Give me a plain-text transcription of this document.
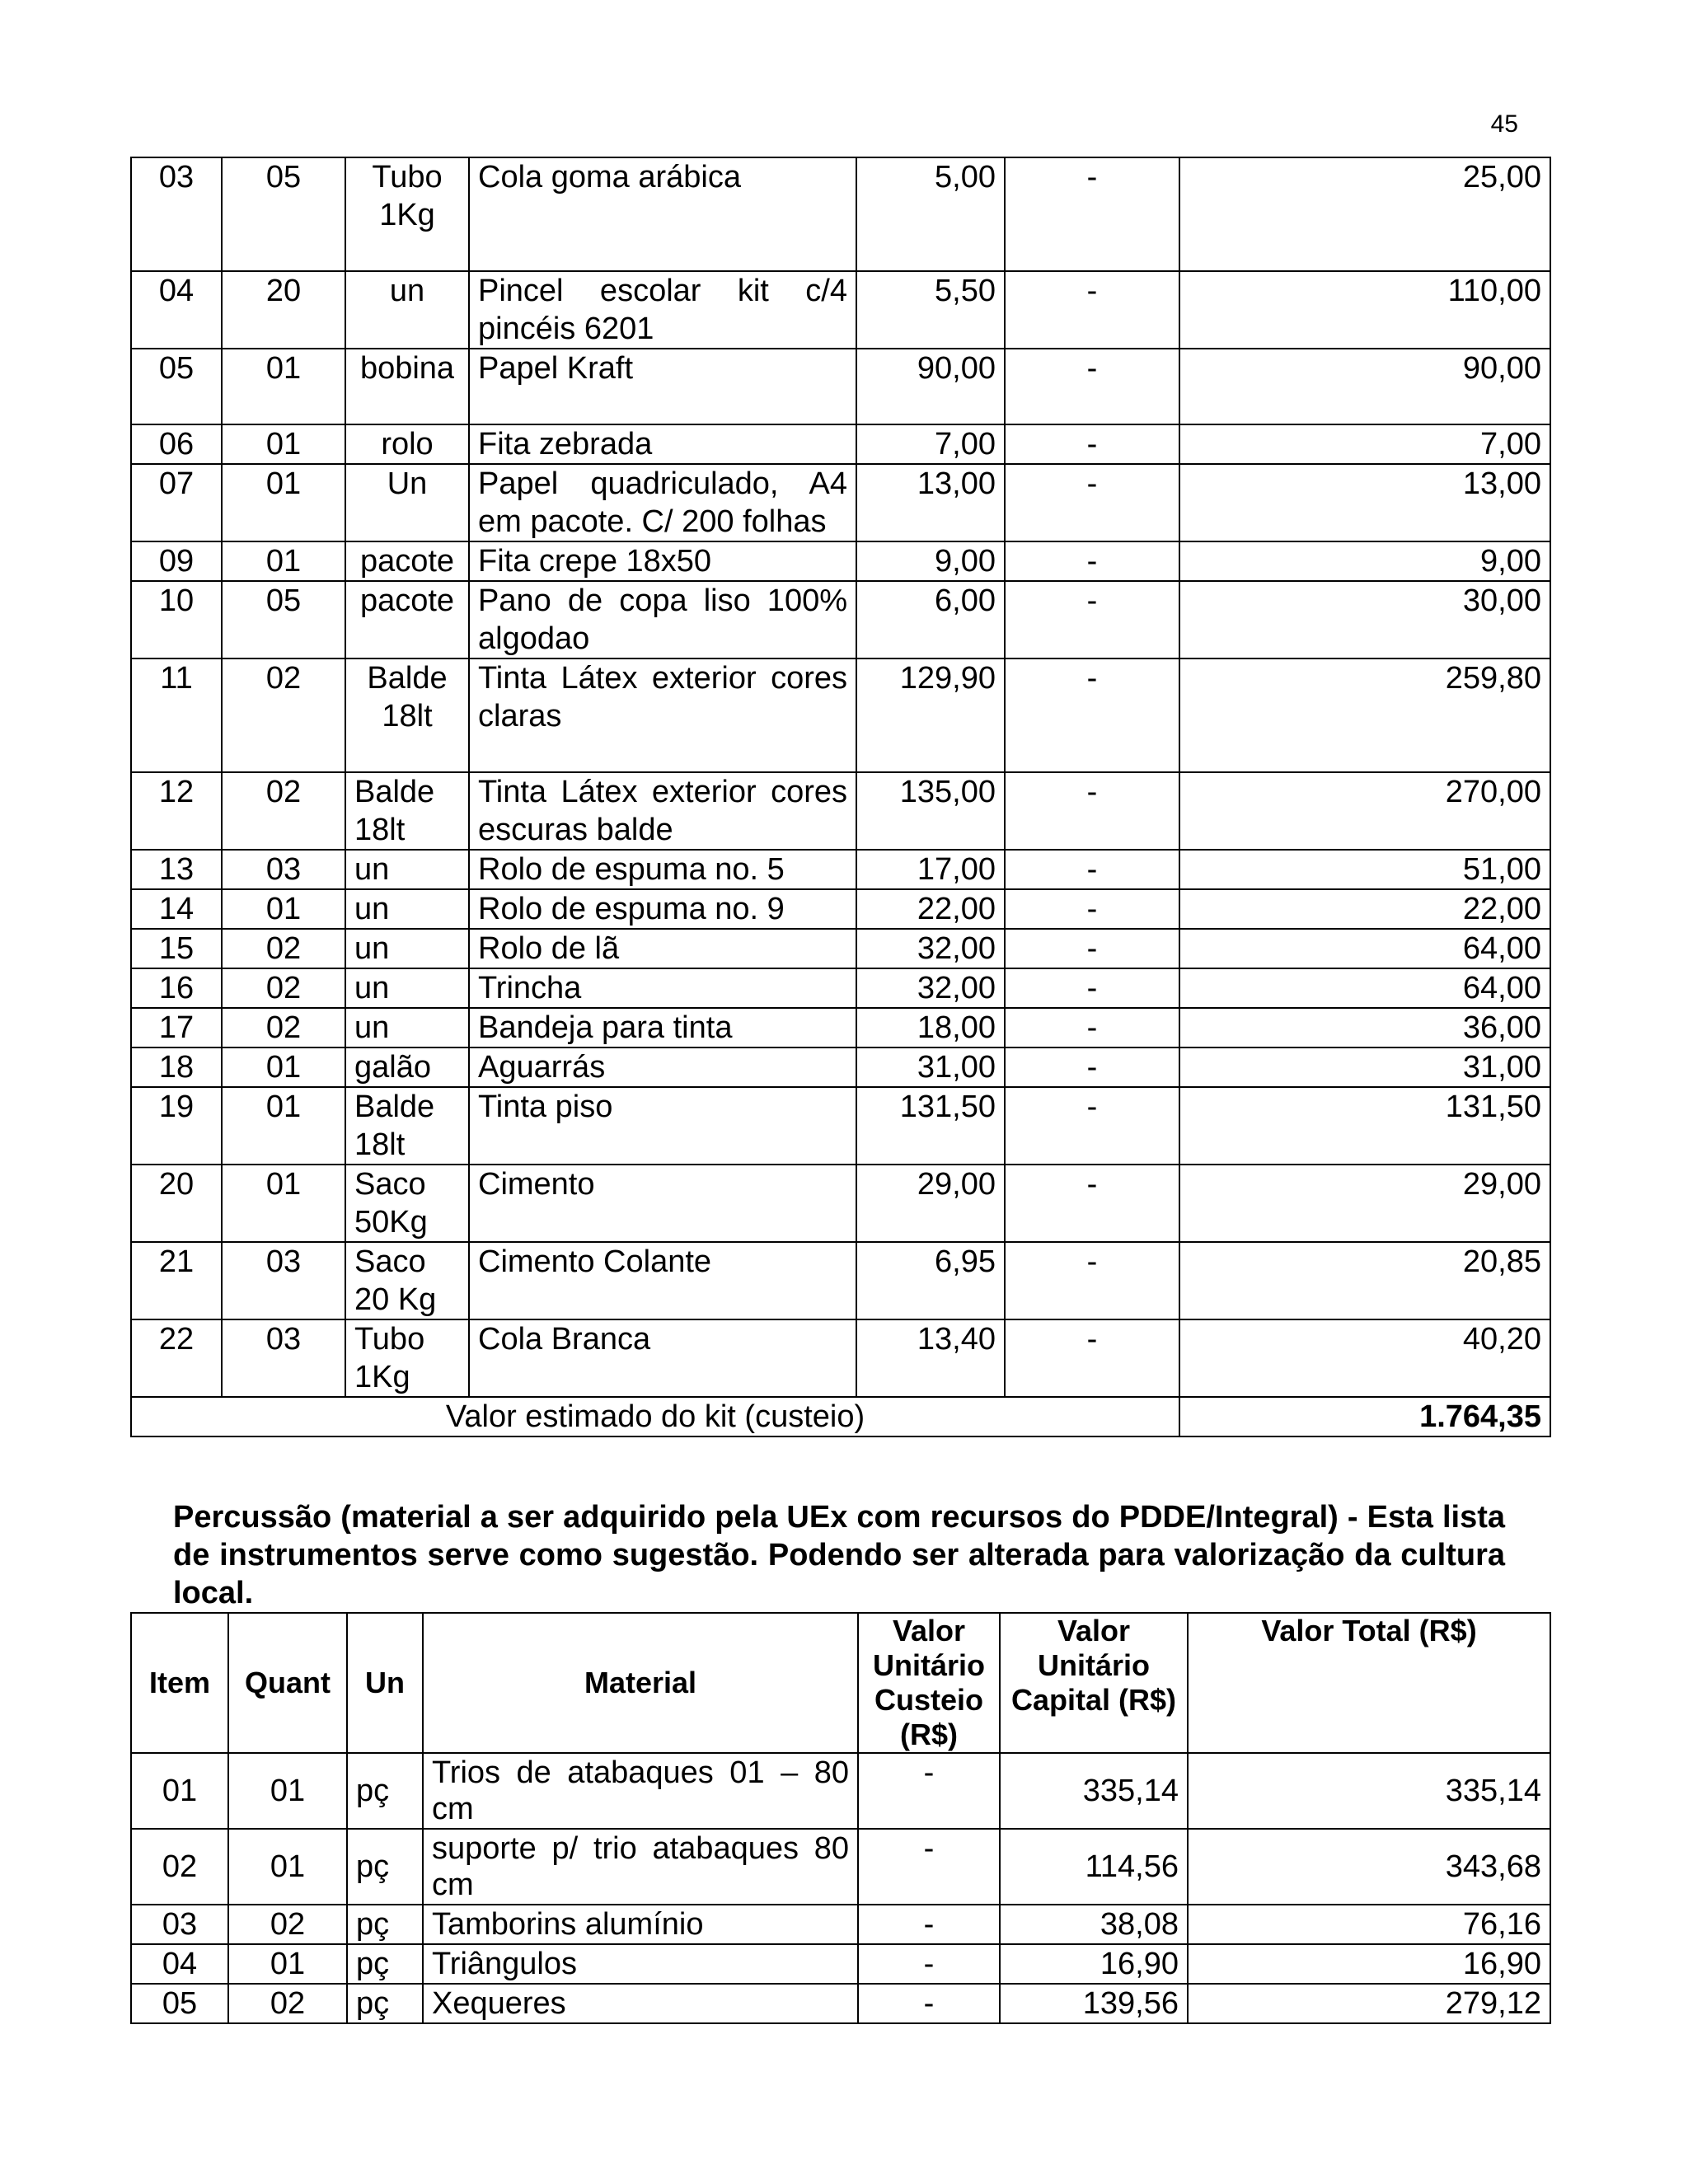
45
03	05	Tubo 1Kg	Cola goma arábica	5,00	-	25,00
04	20	un	Pincel escolar kit c/4 pincéis 6201	5,50	-	110,00
05	01	bobina	Papel Kraft	90,00	-	90,00
06	01	rolo	Fita zebrada	7,00	-	7,00
07	01	Un	Papel quadriculado, A4 em pacote. C/ 200 folhas	13,00	-	13,00
09	01	pacote	Fita crepe 18x50	9,00	-	9,00
10	05	pacote	Pano de copa liso 100% algodao	6,00	-	30,00
11	02	Balde 18lt	Tinta Látex exterior cores claras	129,90	-	259,80
12	02	Balde 18lt	Tinta Látex exterior cores escuras balde	135,00	-	270,00
13	03	un	Rolo de espuma no. 5	17,00	-	51,00
14	01	un	Rolo de espuma no. 9	22,00	-	22,00
15	02	un	Rolo de lã	32,00	-	64,00
16	02	un	Trincha	32,00	-	64,00
17	02	un	Bandeja para tinta	18,00	-	36,00
18	01	galão	Aguarrás	31,00	-	31,00
19	01	Balde 18lt	Tinta piso	131,50	-	131,50
20	01	Saco 50Kg	Cimento	29,00	-	29,00
21	03	Saco 20 Kg	Cimento Colante	6,95	-	20,85
22	03	Tubo 1Kg	Cola Branca	13,40	-	40,20
Valor estimado do kit (custeio)						1.764,35
Percussão (material a ser adquirido pela UEx com recursos do PDDE/Integral) - Esta lista de instrumentos serve como sugestão. Podendo ser alterada para valorização da cultura local.
Item	Quant	Un	Material	Valor Unitário Custeio (R$)	Valor Unitário Capital (R$)	Valor Total (R$)
01	01	pç	Trios de atabaques 01 – 80 cm	-	335,14	335,14
02	01	pç	suporte p/ trio atabaques 80 cm	-	114,56	343,68
03	02	pç	Tamborins alumínio	-	38,08	76,16
04	01	pç	Triângulos	-	16,90	16,90
05	02	pç	Xequeres	-	139,56	279,12
